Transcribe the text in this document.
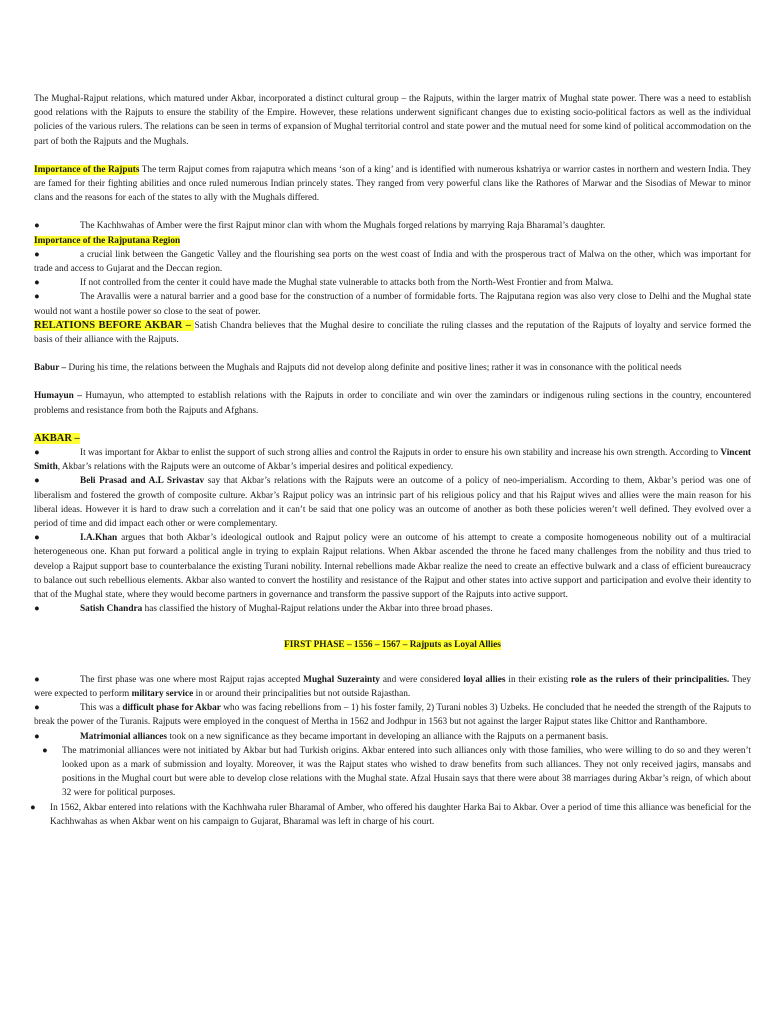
The Mughal-Rajput relations, which matured under Akbar, incorporated a distinct cultural group – the Rajputs, within the larger matrix of Mughal state power. There was a need to establish good relations with the Rajputs to ensure the stability of the Empire. However, these relations underwent significant changes due to existing socio-political factors as well as the individual policies of the various rulers. The relations can be seen in terms of expansion of Mughal territorial control and state power and the mutual need for some kind of political accommodation on the part of both the Rajputs and the Mughals.

Importance of the Rajputs The term Rajput comes from rajaputra which means ‘son of a king’ and is identified with numerous kshatriya or warrior castes in northern and western India. They are famed for their fighting abilities and once ruled numerous Indian princely states. They ranged from very powerful clans like the Rathores of Marwar and the Sisodias of Mewar to minor clans and the reasons for each of the states to ally with the Mughals differed.

●	The Kachhwahas of Amber were the first Rajput minor clan with whom the Mughals forged relations by marrying Raja Bharamal’s daughter.

Importance of the Rajputana Region

●	a crucial link between the Gangetic Valley and the flourishing sea ports on the west coast of India and with the prosperous tract of Malwa on the other, which was important for trade and access to Gujarat and the Deccan region.

●	If not controlled from the center it could have made the Mughal state vulnerable to attacks both from the North-West Frontier and from Malwa.

●	The Aravallis were a natural barrier and a good base for the construction of a number of formidable forts. The Rajputana region was also very close to Delhi and the Mughal state would not want a hostile power so close to the seat of power.

RELATIONS BEFORE AKBAR – Satish Chandra believes that the Mughal desire to conciliate the ruling classes and the reputation of the Rajputs of loyalty and service formed the basis of their alliance with the Rajputs.

Babur – During his time, the relations between the Mughals and Rajputs did not develop along definite and positive lines; rather it was in consonance with the political needs

Humayun – Humayun, who attempted to establish relations with the Rajputs in order to conciliate and win over the zamindars or indigenous ruling sections in the country, encountered problems and resistance from both the Rajputs and Afghans.

AKBAR –

●	It was important for Akbar to enlist the support of such strong allies and control the Rajputs in order to ensure his own stability and increase his own strength. According to Vincent Smith, Akbar’s relations with the Rajputs were an outcome of Akbar’s imperial desires and political expediency.

●	Beli Prasad and A.L Srivastav say that Akbar’s relations with the Rajputs were an outcome of a policy of neo-imperialism. According to them, Akbar’s period was one of liberalism and fostered the growth of composite culture. Akbar’s Rajput policy was an intrinsic part of his religious policy and that his Rajput wives and allies were the main reason for his liberal ideas. However it is hard to draw such a correlation and it can’t be said that one policy was an outcome of another as both these policies weren’t well defined. They evolved over a period of time and did impact each other or were complementary.

●	I.A.Khan argues that both Akbar’s ideological outlook and Rajput policy were an outcome of his attempt to create a composite homogeneous nobility out of a multiracial heterogeneous one. Khan put forward a political angle in trying to explain Rajput relations. When Akbar ascended the throne he faced many challenges from the nobility and thus tried to develop a Rajput support base to counterbalance the existing Turani nobility. Internal rebellions made Akbar realize the need to create an effective bulwark and a class of efficient bureaucracy to balance out such rebellious elements. Akbar also wanted to convert the hostility and resistance of the Rajput and other states into active support and participation and evolve their identity to that of the Mughal state, where they would become partners in governance and transform the passive support of the Rajputs into active support.

●	Satish Chandra has classified the history of Mughal-Rajput relations under the Akbar into three broad phases.

FIRST PHASE – 1556 – 1567 – Rajputs as Loyal Allies

●	The first phase was one where most Rajput rajas accepted Mughal Suzerainty and were considered loyal allies in their existing role as the rulers of their principalities. They were expected to perform military service in or around their principalities but not outside Rajasthan.

●	This was a difficult phase for Akbar who was facing rebellions from – 1) his foster family, 2) Turani nobles 3) Uzbeks. He concluded that he needed the strength of the Rajputs to break the power of the Turanis. Rajputs were employed in the conquest of Mertha in 1562 and Jodhpur in 1563 but not against the larger Rajput states like Chittor and Ranthambore.

●	Matrimonial alliances took on a new significance as they became important in developing an alliance with the Rajputs on a permanent basis.

● The matrimonial alliances were not initiated by Akbar but had Turkish origins. Akbar entered into such alliances only with those families, who were willing to do so and they weren’t looked upon as a mark of submission and loyalty. Moreover, it was the Rajput states who wished to draw benefits from such alliances. They not only received jagirs, mansabs and positions in the Mughal court but were able to develop close relations with the Mughal state. Afzal Husain says that there were about 38 marriages during Akbar’s reign, of which about 32 were for political purposes.

● In 1562, Akbar entered into relations with the Kachhwaha ruler Bharamal of Amber, who offered his daughter Harka Bai to Akbar. Over a period of time this alliance was beneficial for the Kachhwahas as when Akbar went on his campaign to Gujarat, Bharamal was left in charge of his court.
